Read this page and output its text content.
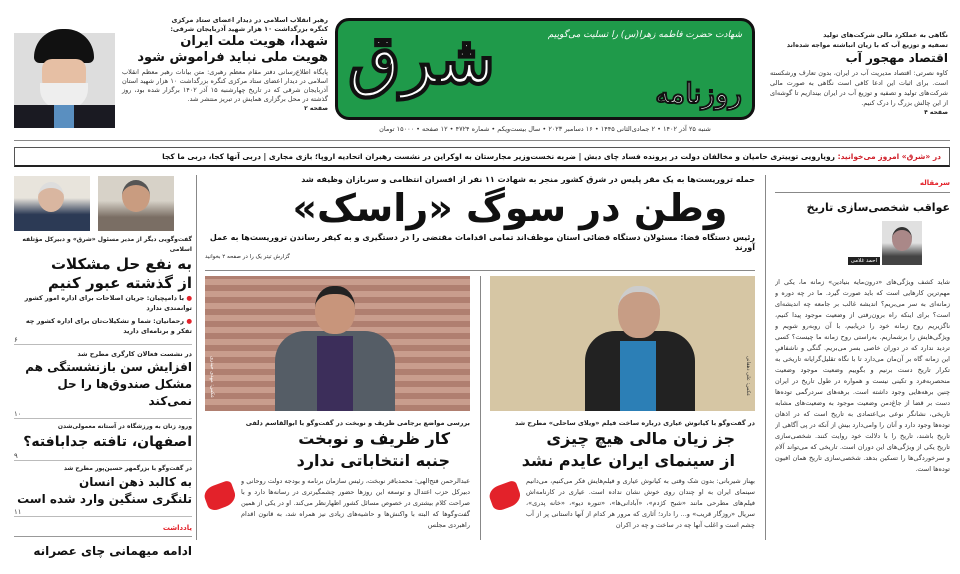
رهبر انقلاب اسلامی در دیدار اعضای ستاد مرکزی
کنگره بزرگداشت ۱۰ هزار شهید آذربایجان شرقی:
شهدا، هویت ملت ایران
هویت ملی نباید فراموش شود
پایگاه اطلاع‌رسانی دفتر مقام معظم رهبری: متن بیانات رهبر معظم انقلاب اسلامی در دیدار اعضای ستاد مرکزی کنگره بزرگداشت ۱۰ هزار شهید استان آذربایجان شرقی که در تاریخ چهارشنبه ۱۵ آذر ۱۴۰۲ برگزار شده بود، روز گذشته در محل برگزاری همایش در تبریز منتشر شد.
صفحه ۲
شرق	روزنامه
شهادت حضرت فاطمه زهرا(س) را تسلیت می‌گوییم
شنبه ۲۵ آذر ۱۴۰۲ • ۲ جمادی‌الثانی ۱۴۴۵ • ۱۶ دسامبر ۲۰۲۳ • سال بیست‌ویکم • شماره ۴۷۲۴ • ۱۲ صفحه • ۱۵۰۰۰ تومان
نگاهی به عملکرد مالی شرکت‌های تولید
تصفیه و توزیع آب که با زیان انباشته مواجه شده‌اند
اقتصاد مهجور آب
کاوه نصرتی: اقتصاد مدیریت آب در ایران، بدون تعارف ورشکسته است. برای اثبات این ادعا کافی است نگاهی به صورت مالی شرکت‌های تولید و تصفیه و توزیع آب در ایران بیندازیم تا گوشه‌ای از این چالش بزرگ را درک کنیم.
صفحه ۴
در «شرق» امروز می‌خوانید: رویارویی توییتری حامیان و مخالفان دولت در پرونده فساد چای دبش | ضربه نخست‌وزیر مجارستان به اوکراین در نشست رهبران اتحادیه اروپا؛ بازی مجاری | دربی آنها کجا، دربی ما کجا
گفت‌وگویی دیگر از مدیر مسئول «شرق» و دبیرکل مؤتلفه اسلامی
به نفع حل مشکلات
از گذشته عبور کنیم
● با دامپچیان: جریان اصلاحات برای اداره امور کشور توانمندی ندارد
● رحمانیان: شما و تشکیلات‌تان برای اداره کشور چه تفکر و برنامه‌ای دارید
۶
در نشست فعالان کارگری مطرح شد
افزایش سن بازنشستگی هم
مشکل صندوق‌ها را حل نمی‌کند
۱۰
ورود زنان به ورزشگاه در آستانه معمولی‌شدن
اصفهان، تافته جدابافته؟
۹
در گفت‌وگو با بزرگمهر حسین‌پور مطرح شد
به کالبد ذهن انسان
تلنگری سنگین وارد شده است
۱۱
یادداشت
ادامه میهمانی چای عصرانه
حمله تروریست‌ها به یک مقر پلیس در شرق کشور منجر به شهادت ۱۱ نفر از افسران انتظامی و سربازان وظیفه شد
وطن در سوگ «راسک»
رئیس دستگاه قضا: مسئولان دستگاه قضائی استان موظف‌اند تمامی اقدامات مقتضی را در دستگیری و به کیفر رساندن تروریست‌ها به عمل آورند
گزارش تیتر یک را در صفحه ۲ بخوانید
عکس: مهدی حیدری	عکس: علی دهقانی
بررسی مواضع برجامی ظریف و نوبخت در گفت‌وگو با ابوالقاسم دلفی
کار ظریف و نوبخت
جنبه انتخاباتی ندارد
عبدالرحمن فتح‌الهی: محمدباقر نوبخت، رئیس سازمان برنامه و بودجه دولت روحانی و دبیرکل حزب اعتدال و توسعه این روزها حضور چشمگیرتری در رسانه‌ها دارد و با صراحت کلام بیشتری در خصوص مسائل کشور اظهارنظر می‌کند. او در یکی از همین گفت‌وگوها که البته با واکنش‌ها و حاشیه‌های زیادی نیز همراه شد، به قانون اقدام راهبردی مجلس
در گفت‌وگو با کیانوش عیاری درباره ساخت فیلم «ویلای ساحلی» مطرح شد
جز زیان مالی هیچ چیزی
از سینمای ایران عایدم نشد
بهناز شیربانی: بدون شک وقتی به کیانوش عیاری و فیلم‌هایش فکر می‌کنیم، می‌دانیم سینمای ایران به او چندان روی خوش نشان نداده است. عیاری در کارنامه‌اش فیلم‌های مطرحی مانند «شبح کژدم»، «آبادانی‌ها»، «تنوره دیو»، «خانه پدری»، سریال «روزگار قریب» و... را دارد؛ آثاری که مرور هر کدام از آنها داستانی پر از آب چشم است و اغلب آنها چه در ساخت و چه در اکران
سرمقاله
عواقب شخصی‌سازی تاریخ
احمد غلامی
شاید کشف ویژگی‌های «درون‌مایه بنیادین» زمانه ما، یکی از مهم‌ترین کارهایی است که باید صورت گیرد. ما در چه دوره و زمانه‌ای به سر می‌بریم؟ اندیشه غالب بر جامعه چه اندیشه‌ای است؟ برای اینکه راه برون‌رفتی از وضعیت موجود پیدا کنیم، ناگزیریم روح زمانه خود را دریابیم، با آن روبه‌رو شویم و ویژگی‌هایش را برشماریم. به‌راستی روح زمانه ما چیست؟ کسی تردید ندارد که در دوران خاصی بسر می‌بریم. گنگی و ناشفافیِ این زمانه گاه بر آن‌مان می‌دارد تا با نگاه تقلیل‌گرایانه تاریخی به تکرار تاریخ دست برنیم و بگوییم وضعیت موجود وضعیت منحصربه‌فرد و تکینی نیست و همواره در طول تاریخ در ایران چنین برهه‌هایی وجود داشته است. برهه‌های سردرگمی توده‌ها دست بر قضا از جاغ‌دمن وضعیت موجود به وضعیت‌های مشابه تاریخی، نشانگر نوعی بی‌اعتمادی به تاریخ است که در اذهان توده‌ها وجود دارد و آنان را وامی‌دارد بیش از آنکه در پی آگاهی از تاریخ باشند، تاریخ را با دلالت خود روایت کنند. شخصی‌سازی تاریخ یکی از ویژگی‌های این دوران است. تاریخی که می‌تواند آلام و سرخوردگی‌ها را تسکین بدهد. شخصی‌سازی تاریخ همان افیون توده‌ها است.
